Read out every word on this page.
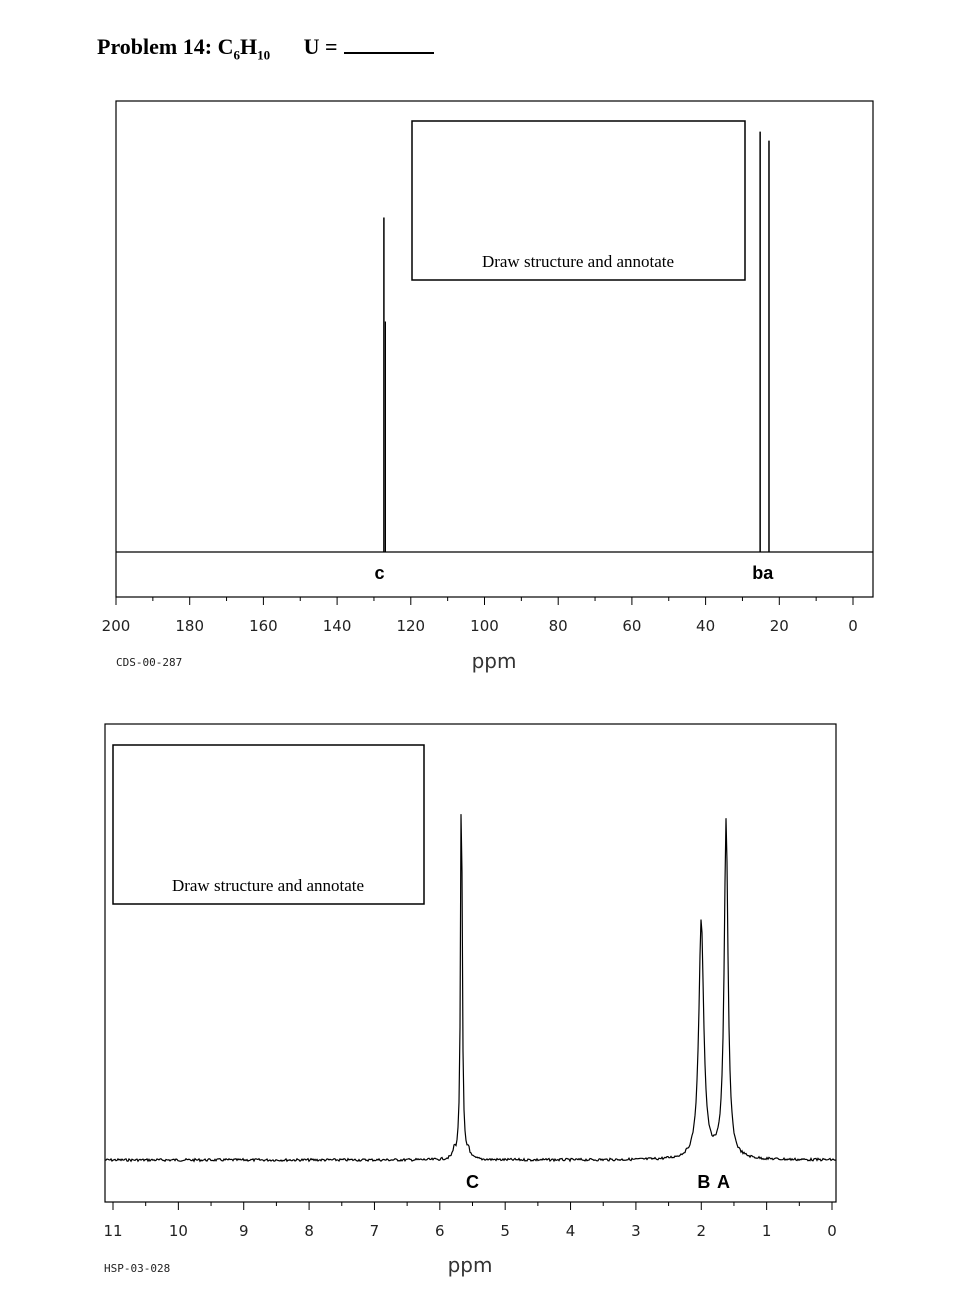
Problem 14: $C_6H_{10}$ U =
Draw structure and annotate
c	ba
200	180	160	140	120	100	80	60	40	20	0
ppm
CDS-00-287
Draw structure and annotate
C	B A
11	10	9	8	7	6	5	4	3	2	1	0
ppm
HSP-03-028
